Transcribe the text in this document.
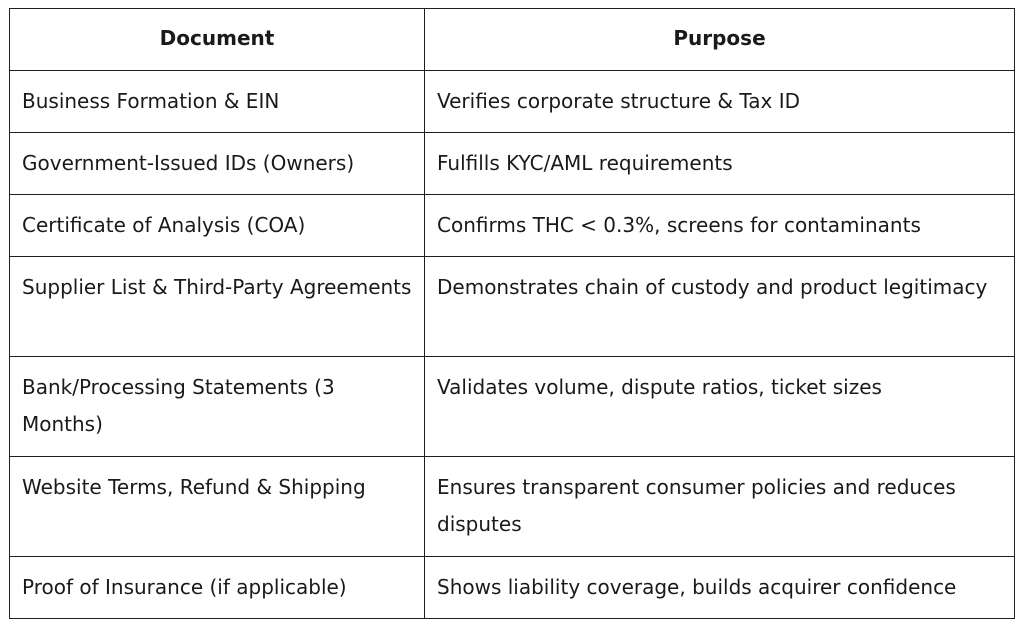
Document	Purpose
Business Formation & EIN	Verifies corporate structure & Tax ID
Government-Issued IDs (Owners)	Fulfills KYC/AML requirements
Certificate of Analysis (COA)	Confirms THC < 0.3%, screens for contaminants
Supplier List & Third-Party Agreements	Demonstrates chain of custody and product legitimacy
Bank/Processing Statements (3 Months)	Validates volume, dispute ratios, ticket sizes
Website Terms, Refund & Shipping	Ensures transparent consumer policies and reduces disputes
Proof of Insurance (if applicable)	Shows liability coverage, builds acquirer confidence
